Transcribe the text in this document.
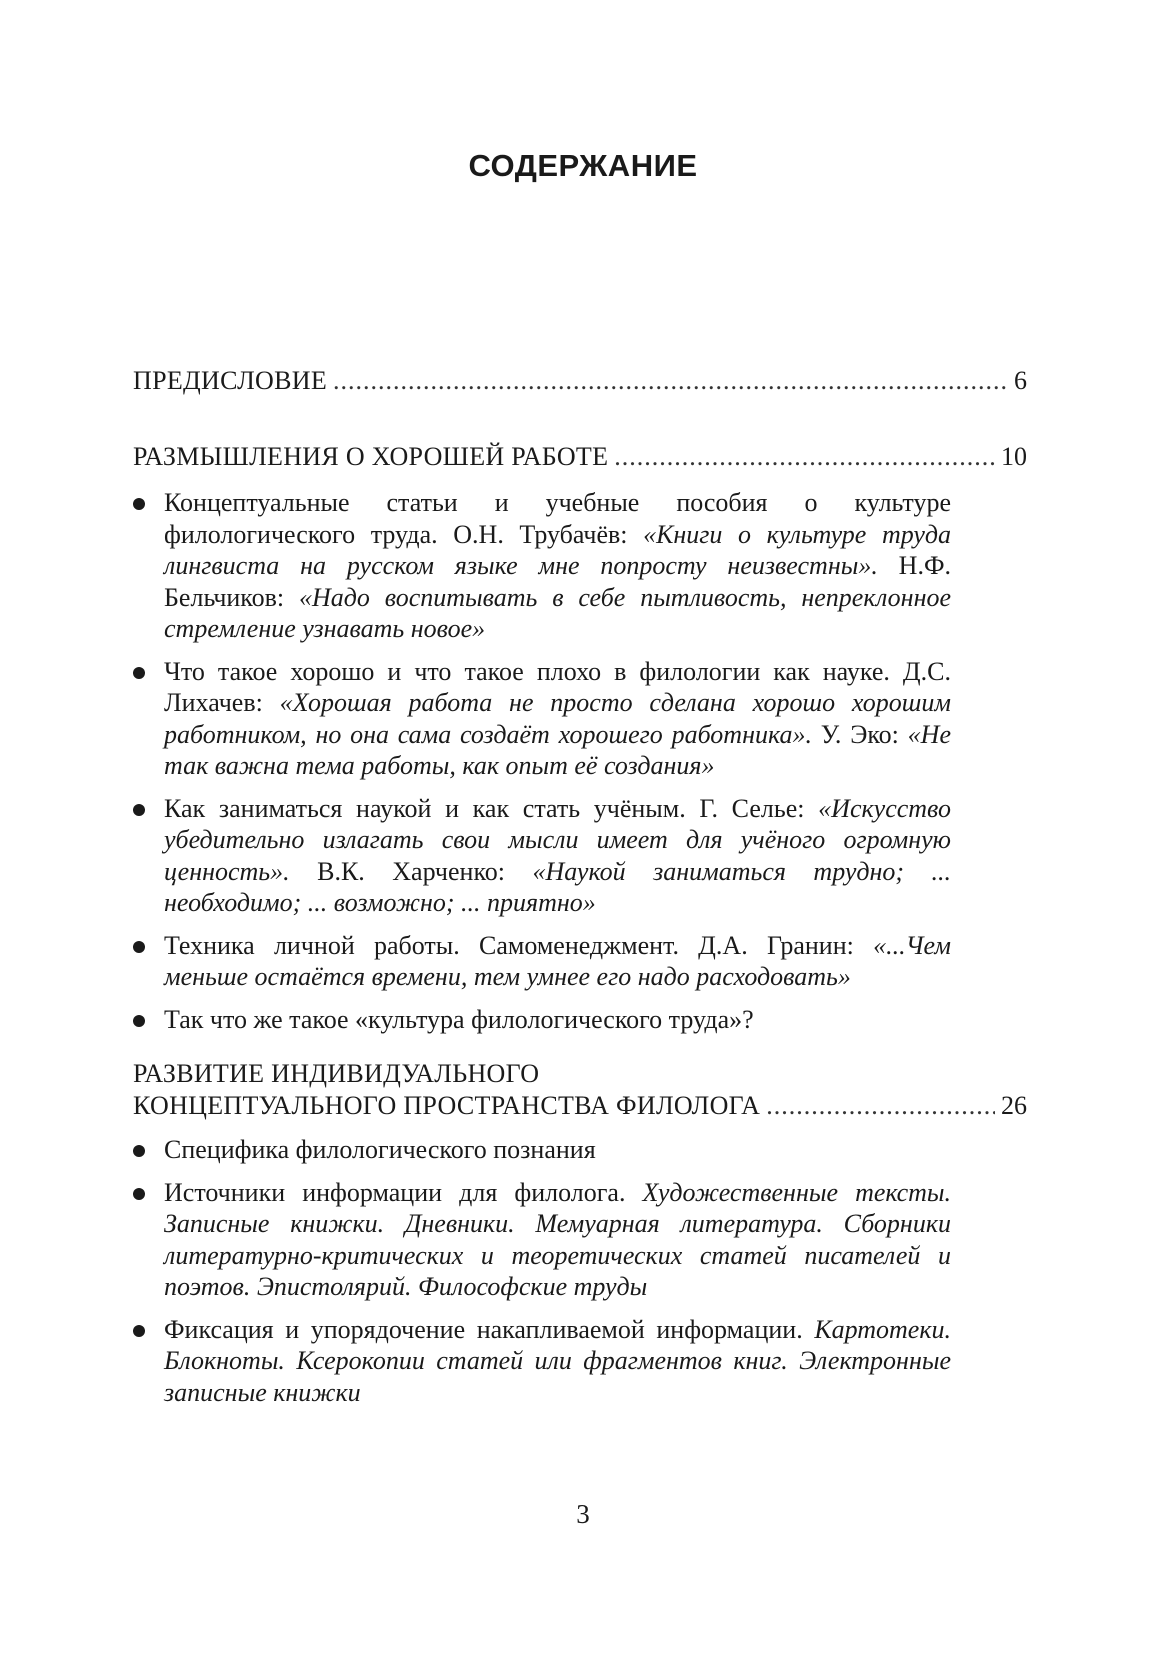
СОДЕРЖАНИЕ
ПРЕДИСЛОВИЕ .....	6
РАЗМЫШЛЕНИЯ О ХОРОШЕЙ РАБОТЕ .....	10
Концептуальные статьи и учебные пособия о культуре филологического труда. О.Н. Трубачёв: «Книги о культуре труда лингвиста на русском языке мне попросту неизвестны». Н.Ф. Бельчиков: «Надо воспитывать в себе пытливость, непреклонное стремление узнавать новое»
Что такое хорошо и что такое плохо в филологии как науке. Д.С. Лихачев: «Хорошая работа не просто сделана хорошо хорошим работником, но она сама создаёт хорошего работника». У. Эко: «Не так важна тема работы, как опыт её создания»
Как заниматься наукой и как стать учёным. Г. Селье: «Искусство убедительно излагать свои мысли имеет для учёного огромную ценность». В.К. Харченко: «Наукой заниматься трудно; ... необходимо; ... возможно; ... приятно»
Техника личной работы. Самоменеджмент. Д.А. Гранин: «...Чем меньше остаётся времени, тем умнее его надо расходовать»
Так что же такое «культура филологического труда»?
РАЗВИТИЕ ИНДИВИДУАЛЬНОГО
КОНЦЕПТУАЛЬНОГО ПРОСТРАНСТВА ФИЛОЛОГА .....	26
Специфика филологического познания
Источники информации для филолога. Художественные тексты. Записные книжки. Дневники. Мемуарная литература. Сборники литературно-критических и теоретических статей писателей и поэтов. Эпистолярий. Философские труды
Фиксация и упорядочение накапливаемой информации. Картотеки. Блокноты. Ксерокопии статей или фрагментов книг. Электронные записные книжки
3
